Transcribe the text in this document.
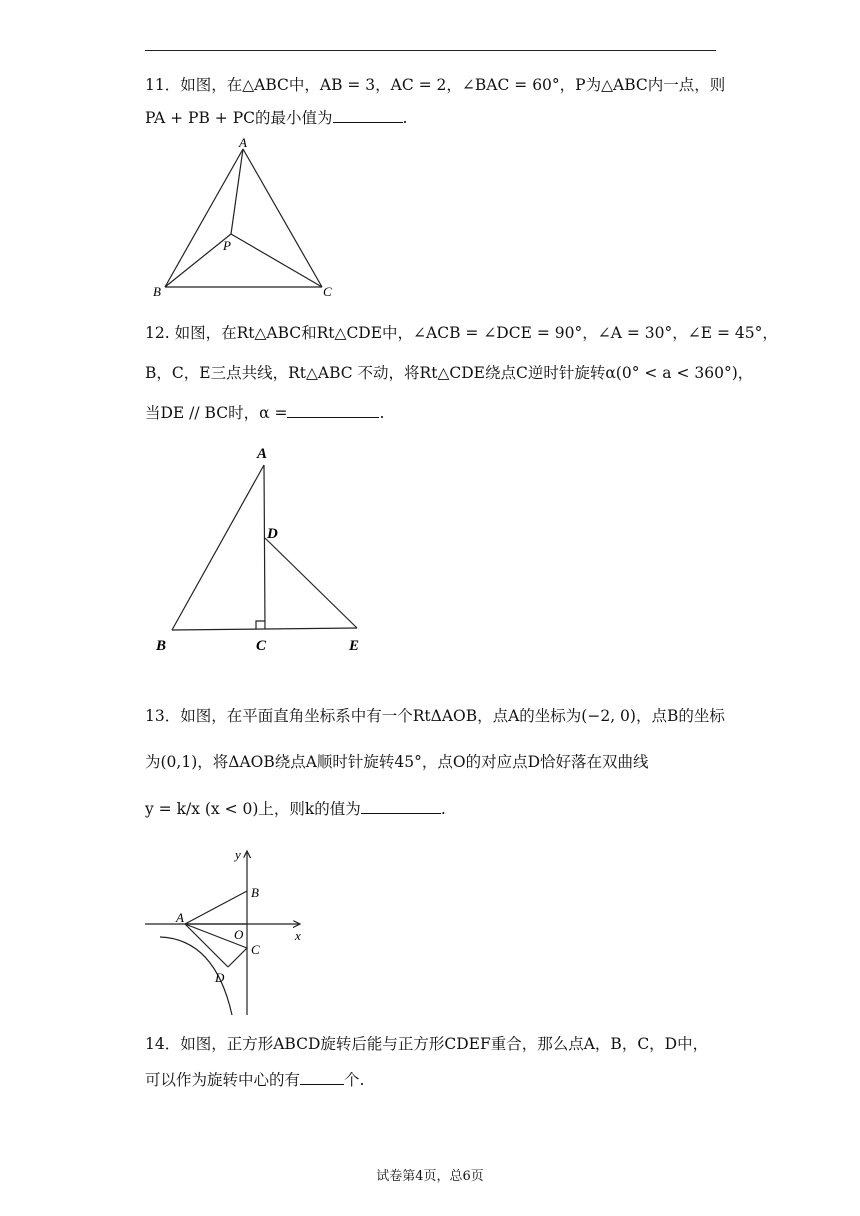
11．如图，在△ABC中，AB = 3，AC = 2，∠BAC = 60°，P为△ABC内一点，则
PA + PB + PC的最小值为	.
A
B	C
P
12. 如图，在Rt△ABC和Rt△CDE中，∠ACB = ∠DCE = 90°，∠A = 30°，∠E = 45°，
B，C，E三点共线，Rt△ABC 不动，将Rt△CDE绕点C逆时针旋转α(0° < a < 360°)，
当DE // BC时，α =	.
A
B	C
D
E
13．如图，在平面直角坐标系中有一个RtΔAOB，点A的坐标为(−2, 0)，点B的坐标
为(0,1)，将ΔAOB绕点A顺时针旋转45°，点O的对应点D恰好落在双曲线
y = k/x (x < 0)上，则k的值为	.
y
x
A
B
O
C
D
14．如图，正方形ABCD旋转后能与正方形CDEF重合，那么点A，B，C，D中，
可以作为旋转中心的有	个.
试卷第4页，总6页
